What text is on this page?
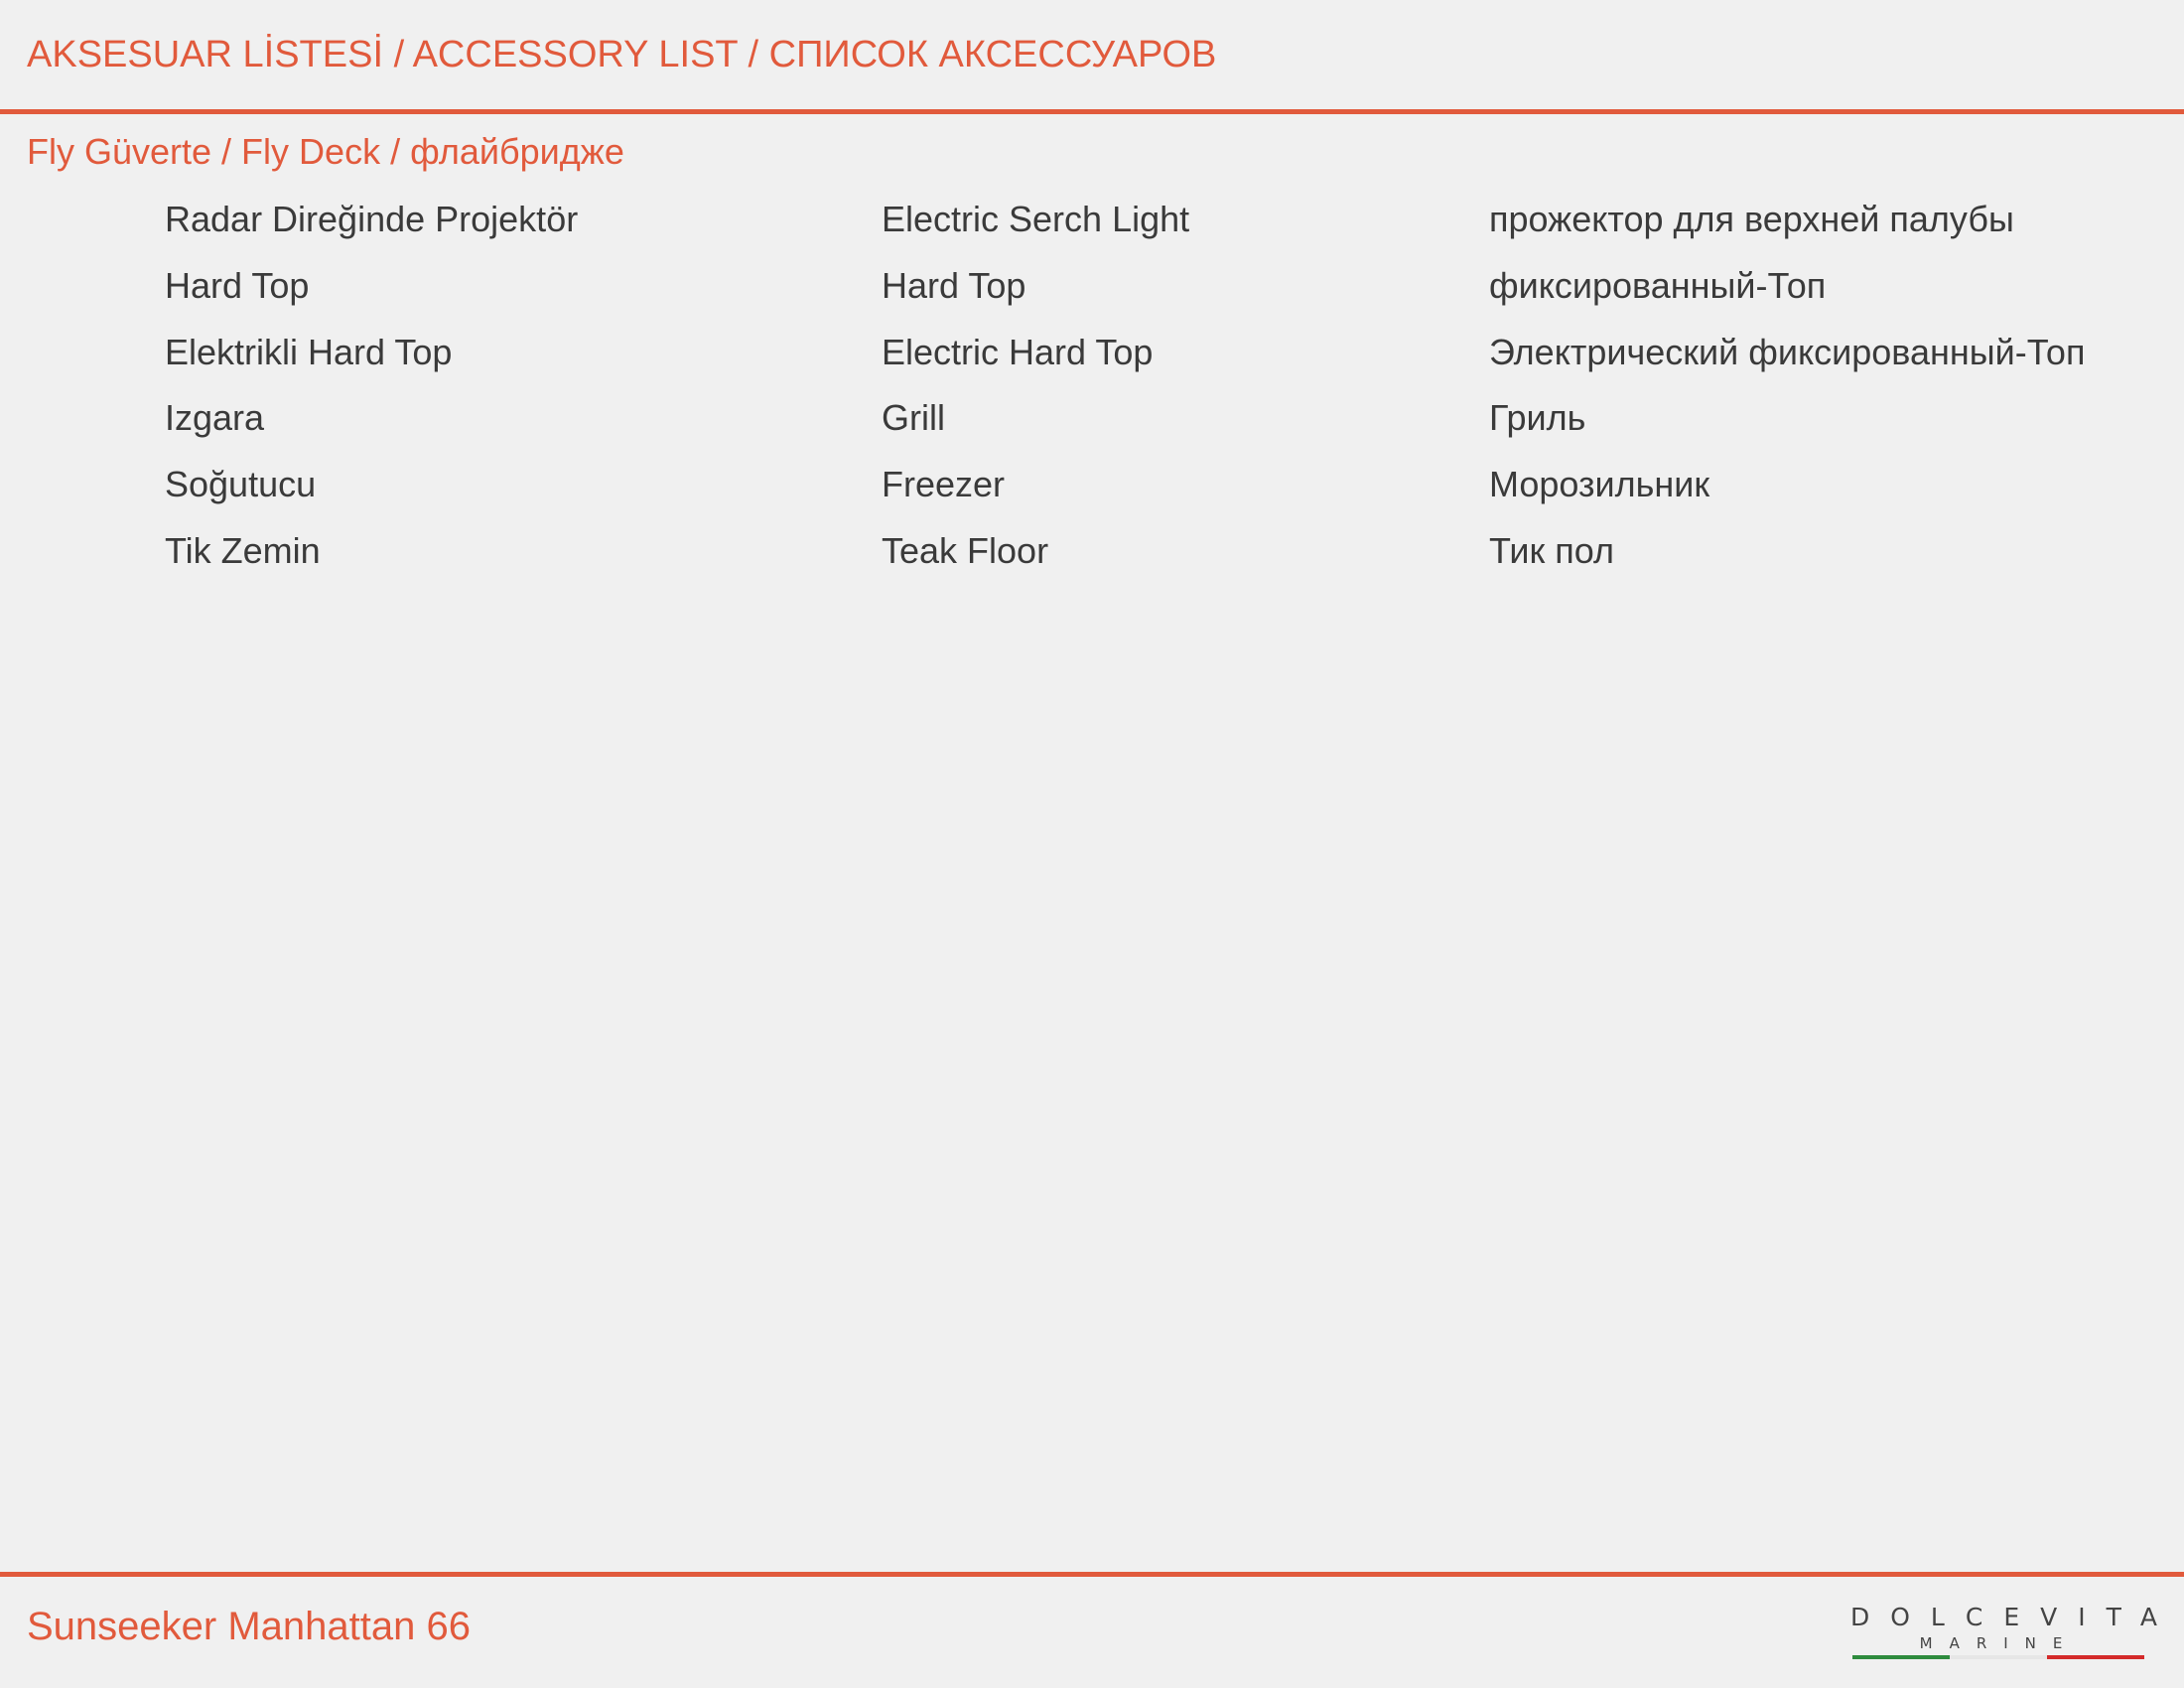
AKSESUAR LİSTESİ / ACCESSORY LIST / СПИСОК АКСЕССУАРОВ
Fly Güverte / Fly Deck / флайбридже
Radar Direğinde Projektör	Electric Serch Light	прожектор для верхней палубы
Hard Top	Hard Top	фиксированный-Топ
Elektrikli Hard Top	Electric Hard Top	Электрический фиксированный-Топ
Izgara	Grill	Гриль
Soğutucu	Freezer	Морозильник
Tik Zemin	Teak Floor	Тик пол
Sunseeker Manhattan 66	DOLCEVITA
MARINE
